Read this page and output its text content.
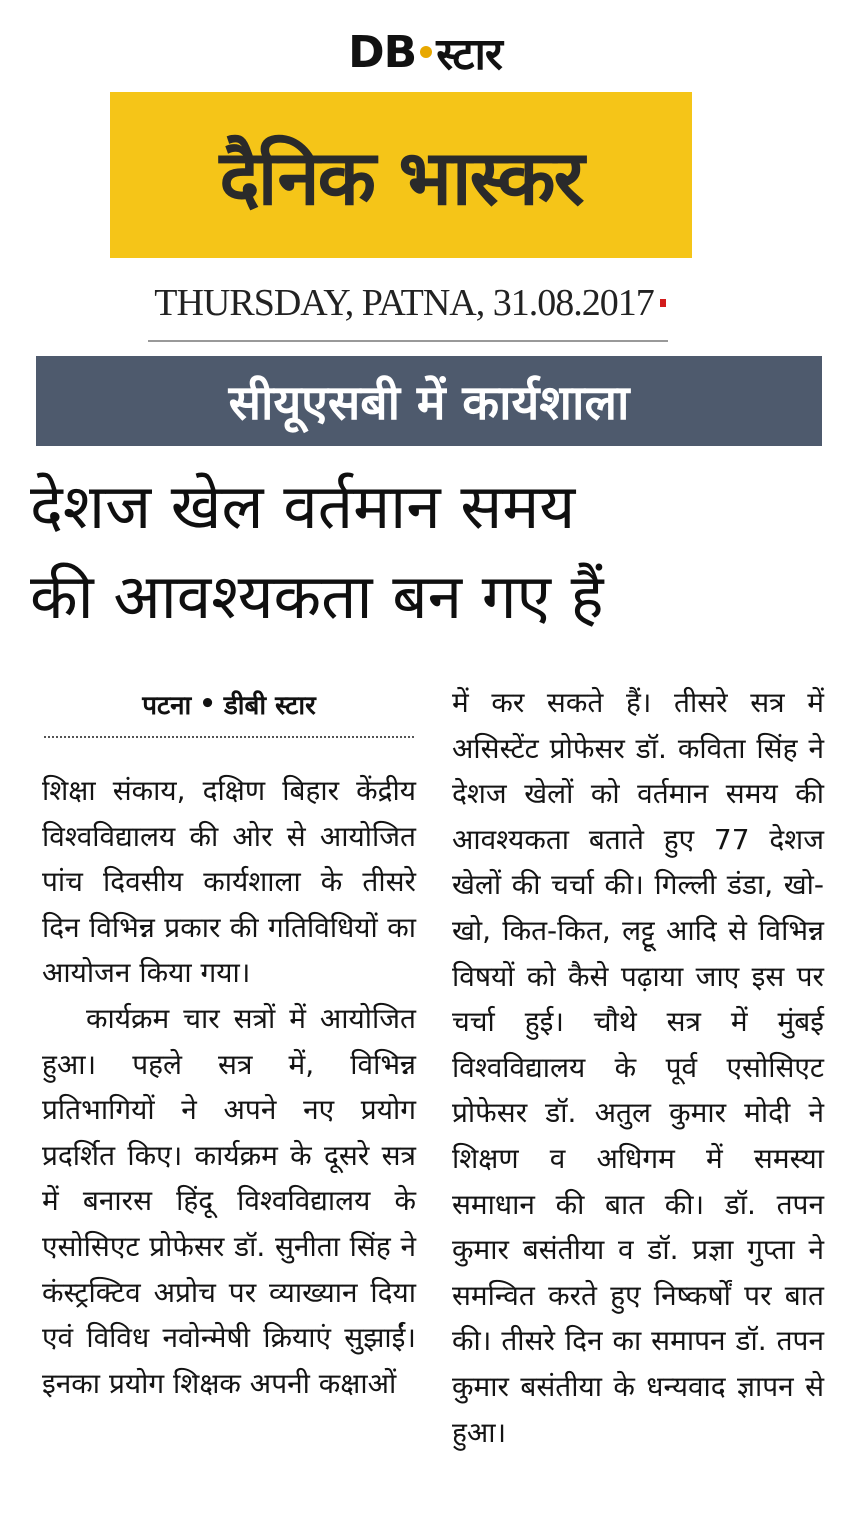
DB स्टार
दैनिक भास्कर
THURSDAY, PATNA, 31.08.2017
सीयूएसबी में कार्यशाला
देशज खेल वर्तमान समय
की आवश्यकता बन गए हैं
पटना • डीबी स्टार

शिक्षा संकाय, दक्षिण बिहार केंद्रीय विश्वविद्यालय की ओर से आयोजित पांच दिवसीय कार्यशाला के तीसरे दिन विभिन्न प्रकार की गतिविधियों का आयोजन किया गया।

कार्यक्रम चार सत्रों में आयोजित हुआ। पहले सत्र में, विभिन्न प्रतिभागियों ने अपने नए प्रयोग प्रदर्शित किए। कार्यक्रम के दूसरे सत्र में बनारस हिंदू विश्वविद्यालय के एसोसिएट प्रोफेसर डॉ. सुनीता सिंह ने कंस्ट्रक्टिव अप्रोच पर व्याख्यान दिया एवं विविध नवोन्मेषी क्रियाएं सुझाईं। इनका प्रयोग शिक्षक अपनी कक्षाओं

में कर सकते हैं। तीसरे सत्र में असिस्टेंट प्रोफेसर डॉ. कविता सिंह ने देशज खेलों को वर्तमान समय की आवश्यकता बताते हुए 77 देशज खेलों की चर्चा की। गिल्ली डंडा, खो-खो, कित-कित, लट्टू आदि से विभिन्न विषयों को कैसे पढ़ाया जाए इस पर चर्चा हुई। चौथे सत्र में मुंबई विश्वविद्यालय के पूर्व एसोसिएट प्रोफेसर डॉ. अतुल कुमार मोदी ने शिक्षण व अधिगम में समस्या समाधान की बात की। डॉ. तपन कुमार बसंतीया व डॉ. प्रज्ञा गुप्ता ने समन्वित करते हुए निष्कर्षों पर बात की। तीसरे दिन का समापन डॉ. तपन कुमार बसंतीया के धन्यवाद ज्ञापन से हुआ।
